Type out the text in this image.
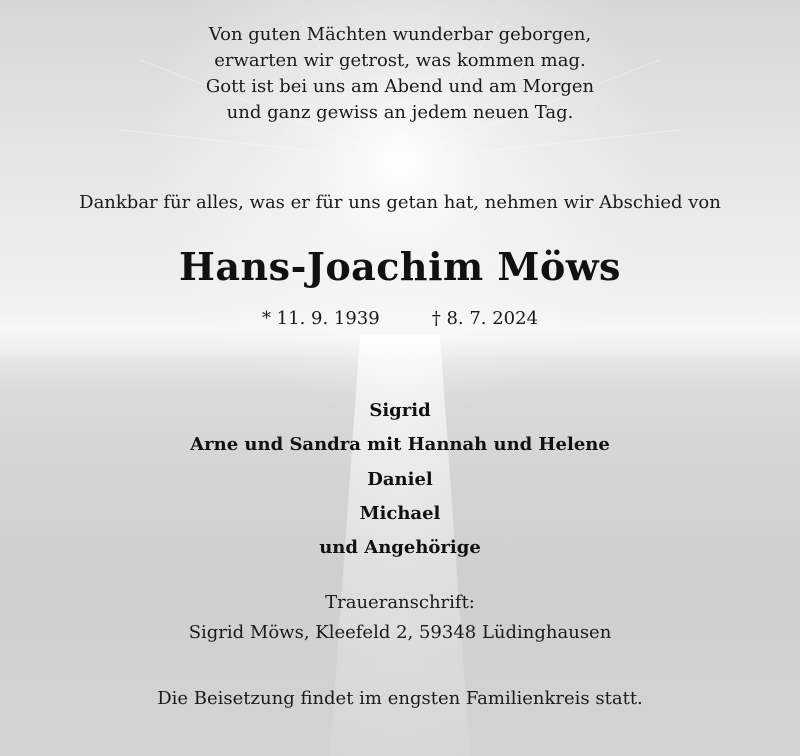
Von guten Mächten wunderbar geborgen,
erwarten wir getrost, was kommen mag.
Gott ist bei uns am Abend und am Morgen
und ganz gewiss an jedem neuen Tag.
Dankbar für alles, was er für uns getan hat, nehmen wir Abschied von
Hans-Joachim Möws
* 11. 9. 1939	† 8. 7. 2024
Sigrid
Arne und Sandra mit Hannah und Helene
Daniel
Michael
und Angehörige
Traueranschrift:
Sigrid Möws, Kleefeld 2, 59348 Lüdinghausen
Die Beisetzung findet im engsten Familienkreis statt.
